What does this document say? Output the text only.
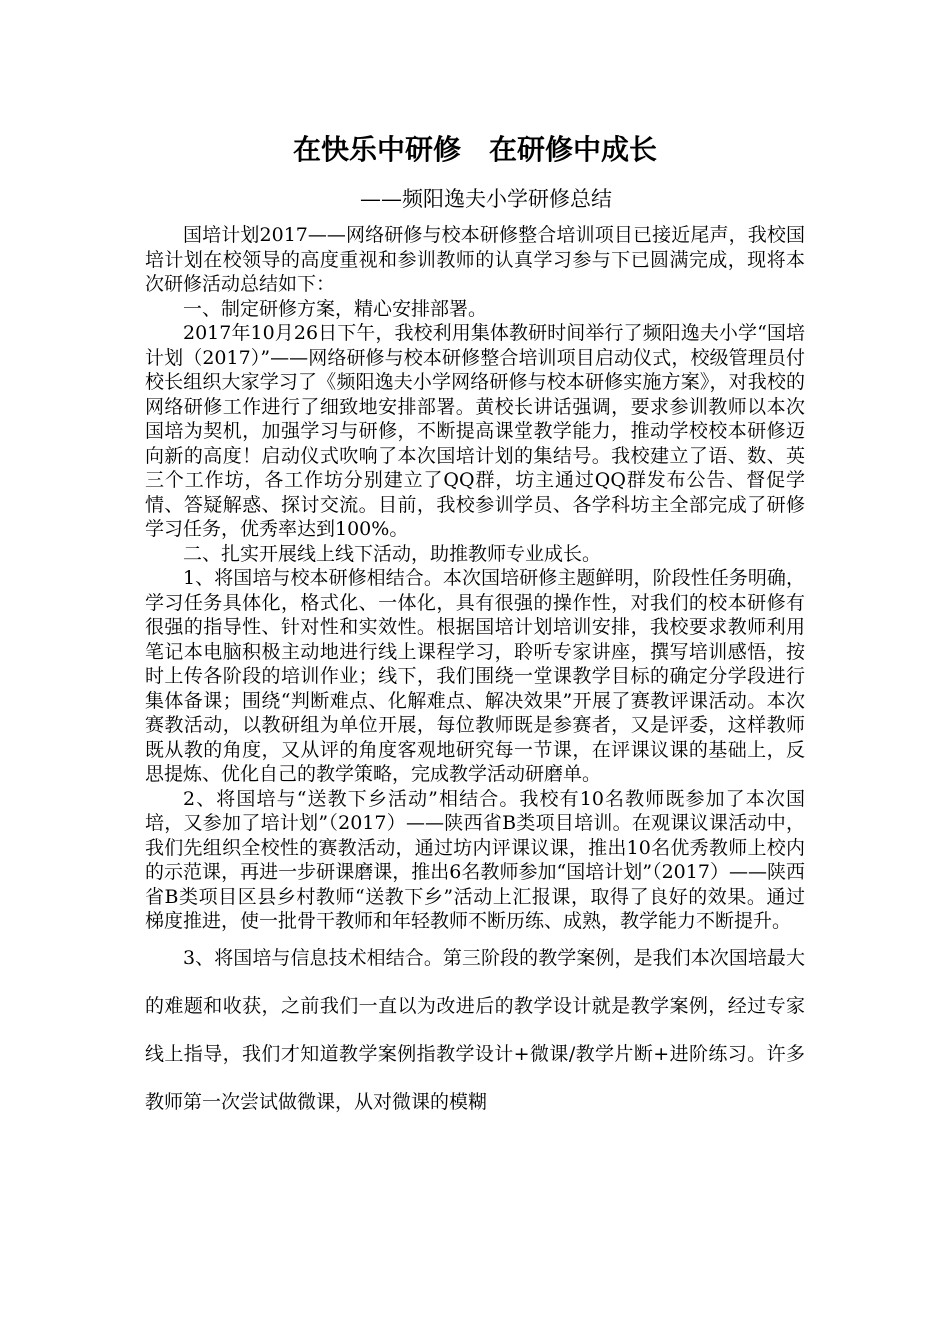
在快乐中研修　在研修中成长

——频阳逸夫小学研修总结

国培计划2017——网络研修与校本研修整合培训项目已接近尾声，我校国培计划在校领导的高度重视和参训教师的认真学习参与下已圆满完成，现将本次研修活动总结如下：

一、制定研修方案，精心安排部署。

2017年10月26日下午，我校利用集体教研时间举行了频阳逸夫小学“国培计划（2017）”——网络研修与校本研修整合培训项目启动仪式，校级管理员付校长组织大家学习了《频阳逸夫小学网络研修与校本研修实施方案》，对我校的网络研修工作进行了细致地安排部署。黄校长讲话强调，要求参训教师以本次国培为契机，加强学习与研修，不断提高课堂教学能力，推动学校校本研修迈向新的高度！启动仪式吹响了本次国培计划的集结号。我校建立了语、数、英三个工作坊，各工作坊分别建立了QQ群，坊主通过QQ群发布公告、督促学情、答疑解惑、探讨交流。目前，我校参训学员、各学科坊主全部完成了研修学习任务，优秀率达到100%。

二、扎实开展线上线下活动，助推教师专业成长。

1、将国培与校本研修相结合。本次国培研修主题鲜明，阶段性任务明确，学习任务具体化，格式化、一体化，具有很强的操作性，对我们的校本研修有很强的指导性、针对性和实效性。根据国培计划培训安排，我校要求教师利用笔记本电脑积极主动地进行线上课程学习，聆听专家讲座，撰写培训感悟，按时上传各阶段的培训作业；线下，我们围绕一堂课教学目标的确定分学段进行集体备课；围绕“判断难点、化解难点、解决效果”开展了赛教评课活动。本次赛教活动，以教研组为单位开展，每位教师既是参赛者，又是评委，这样教师既从教的角度，又从评的角度客观地研究每一节课，在评课议课的基础上，反思提炼、优化自己的教学策略，完成教学活动研磨单。

2、将国培与“送教下乡活动”相结合。我校有10名教师既参加了本次国培，又参加了培计划”（2017）——陕西省B类项目培训。在观课议课活动中，我们先组织全校性的赛教活动，通过坊内评课议课，推出10名优秀教师上校内的示范课，再进一步研课磨课，推出6名教师参加“国培计划”（2017）——陕西省B类项目区县乡村教师“送教下乡”活动上汇报课，取得了良好的效果。通过梯度推进，使一批骨干教师和年轻教师不断历练、成熟，教学能力不断提升。

3、将国培与信息技术相结合。第三阶段的教学案例，是我们本次国培最大的难题和收获，之前我们一直以为改进后的教学设计就是教学案例，经过专家线上指导，我们才知道教学案例指教学设计+微课/教学片断+进阶练习。许多教师第一次尝试做微课，从对微课的模糊
